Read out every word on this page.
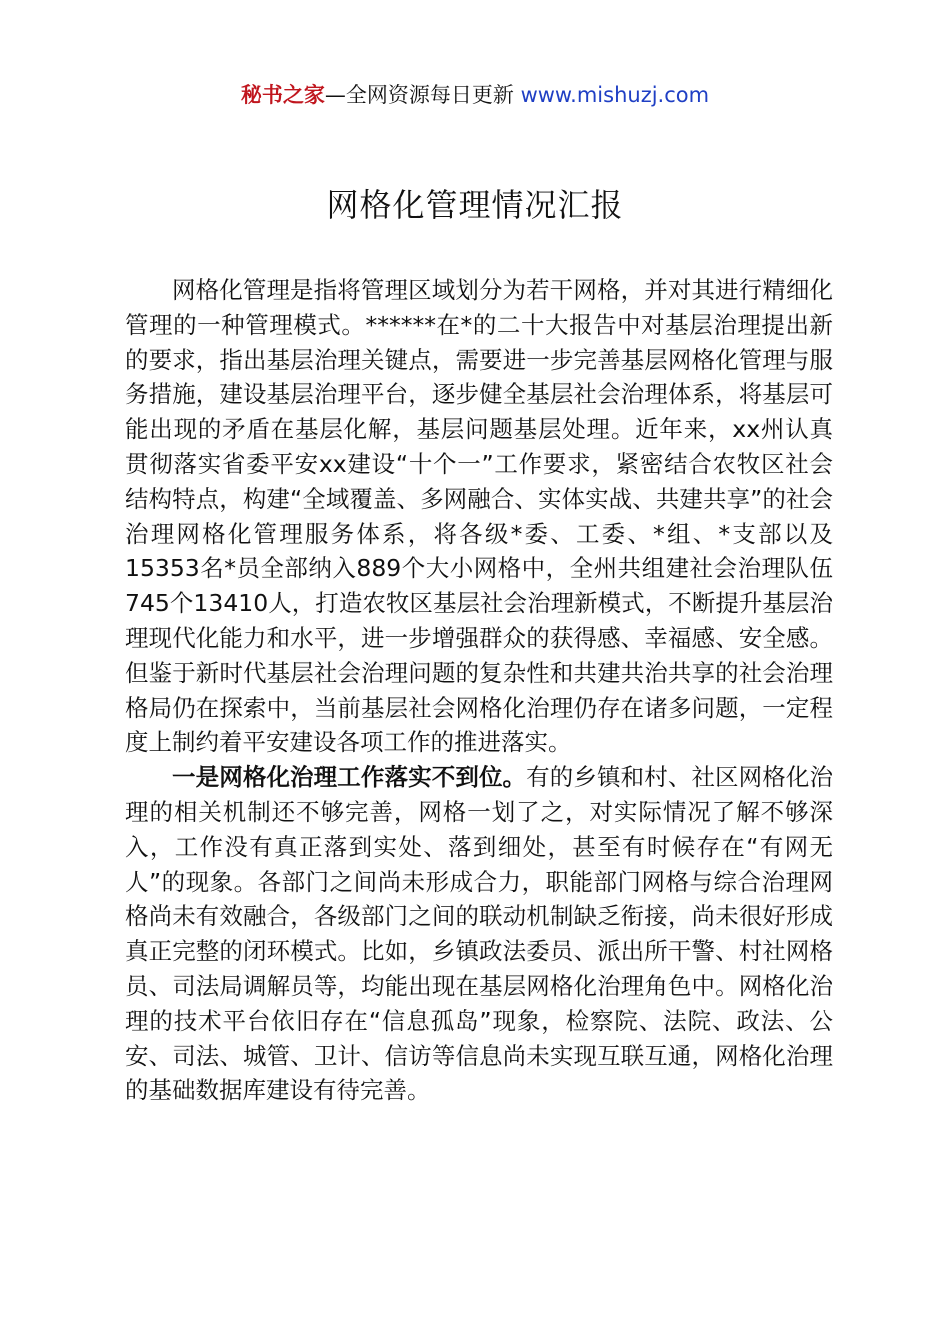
秘书之家—全网资源每日更新 www.mishuzj.com
网格化管理情况汇报

网格化管理是指将管理区域划分为若干网格，并对其进行精细化管理的一种管理模式。******在*的二十大报告中对基层治理提出新的要求，指出基层治理关键点，需要进一步完善基层网格化管理与服务措施，建设基层治理平台，逐步健全基层社会治理体系，将基层可能出现的矛盾在基层化解，基层问题基层处理。近年来，xx州认真贯彻落实省委平安xx建设“十个一”工作要求，紧密结合农牧区社会结构特点，构建“全域覆盖、多网融合、实体实战、共建共享”的社会治理网格化管理服务体系，将各级*委、工委、*组、*支部以及15353名*员全部纳入889个大小网格中，全州共组建社会治理队伍745个13410人，打造农牧区基层社会治理新模式，不断提升基层治理现代化能力和水平，进一步增强群众的获得感、幸福感、安全感。但鉴于新时代基层社会治理问题的复杂性和共建共治共享的社会治理格局仍在探索中，当前基层社会网格化治理仍存在诸多问题，一定程度上制约着平安建设各项工作的推进落实。

一是网格化治理工作落实不到位。有的乡镇和村、社区网格化治理的相关机制还不够完善，网格一划了之，对实际情况了解不够深入，工作没有真正落到实处、落到细处，甚至有时候存在“有网无人”的现象。各部门之间尚未形成合力，职能部门网格与综合治理网格尚未有效融合，各级部门之间的联动机制缺乏衔接，尚未很好形成真正完整的闭环模式。比如，乡镇政法委员、派出所干警、村社网格员、司法局调解员等，均能出现在基层网格化治理角色中。网格化治理的技术平台依旧存在“信息孤岛”现象，检察院、法院、政法、公安、司法、城管、卫计、信访等信息尚未实现互联互通，网格化治理的基础数据库建设有待完善。
